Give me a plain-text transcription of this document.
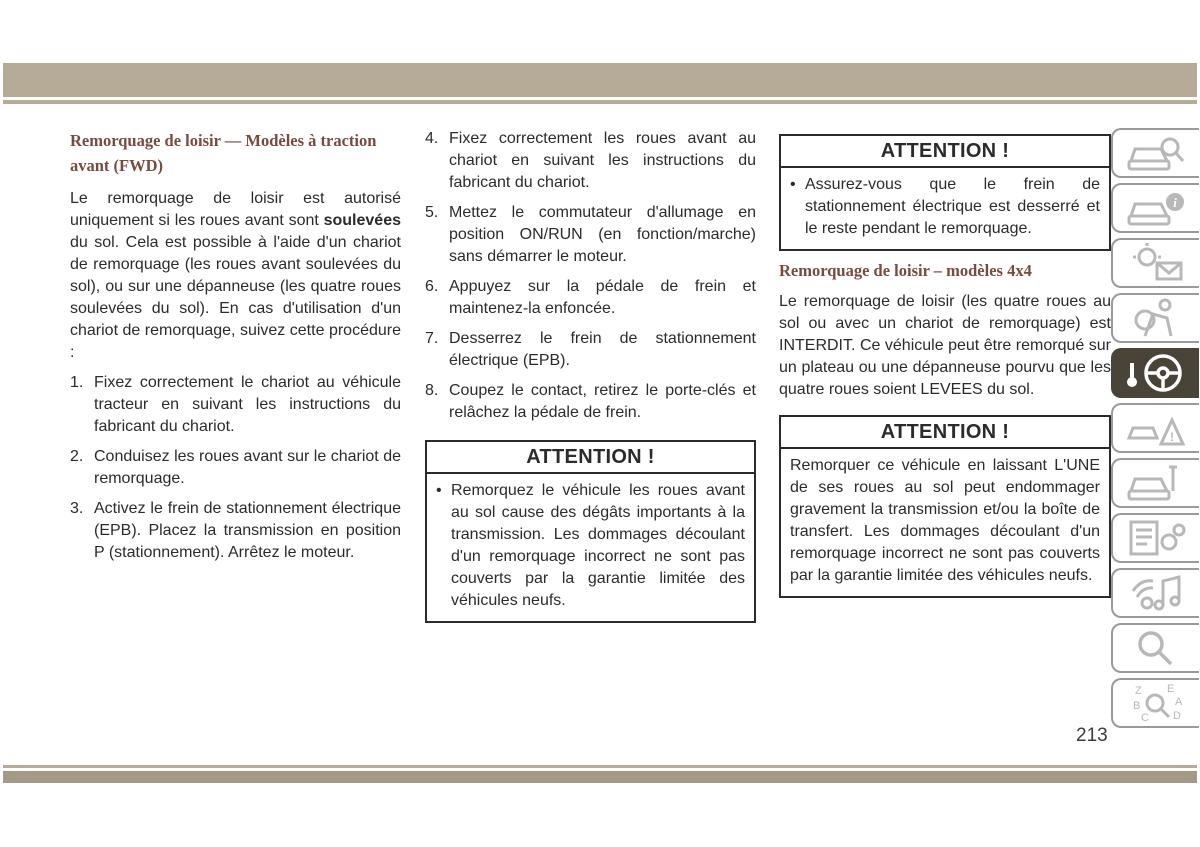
Remorquage de loisir — Modèles à traction avant (FWD)

Le remorquage de loisir est autorisé uniquement si les roues avant sont soulevées du sol. Cela est possible à l'aide d'un chariot de remorquage (les roues avant soulevées du sol), ou sur une dépanneuse (les quatre roues soulevées du sol). En cas d'utilisation d'un chariot de remorquage, suivez cette procédure :

1. Fixez correctement le chariot au véhicule tracteur en suivant les instructions du fabricant du chariot.
2. Conduisez les roues avant sur le chariot de remorquage.
3. Activez le frein de stationnement électrique (EPB). Placez la transmission en position P (stationnement). Arrêtez le moteur.
4. Fixez correctement les roues avant au chariot en suivant les instructions du fabricant du chariot.
5. Mettez le commutateur d'allumage en position ON/RUN (en fonction/marche) sans démarrer le moteur.
6. Appuyez sur la pédale de frein et maintenez-la enfoncée.
7. Desserrez le frein de stationnement électrique (EPB).
8. Coupez le contact, retirez le porte-clés et relâchez la pédale de frein.
ATTENTION !
• Remorquez le véhicule les roues avant au sol cause des dégâts importants à la transmission. Les dommages découlant d'un remorquage incorrect ne sont pas couverts par la garantie limitée des véhicules neufs.
ATTENTION !
• Assurez-vous que le frein de stationnement électrique est desserré et le reste pendant le remorquage.
Remorquage de loisir – modèles 4x4

Le remorquage de loisir (les quatre roues au sol ou avec un chariot de remorquage) est INTERDIT. Ce véhicule peut être remorqué sur un plateau ou une dépanneuse pourvu que les quatre roues soient LEVEES du sol.

ATTENTION !
Remorquer ce véhicule en laissant L'UNE de ses roues au sol peut endommager gravement la transmission et/ou la boîte de transfert. Les dommages découlant d'un remorquage incorrect ne sont pas couverts par la garantie limitée des véhicules neufs.
i
!
Z E
A
B
C D
213
